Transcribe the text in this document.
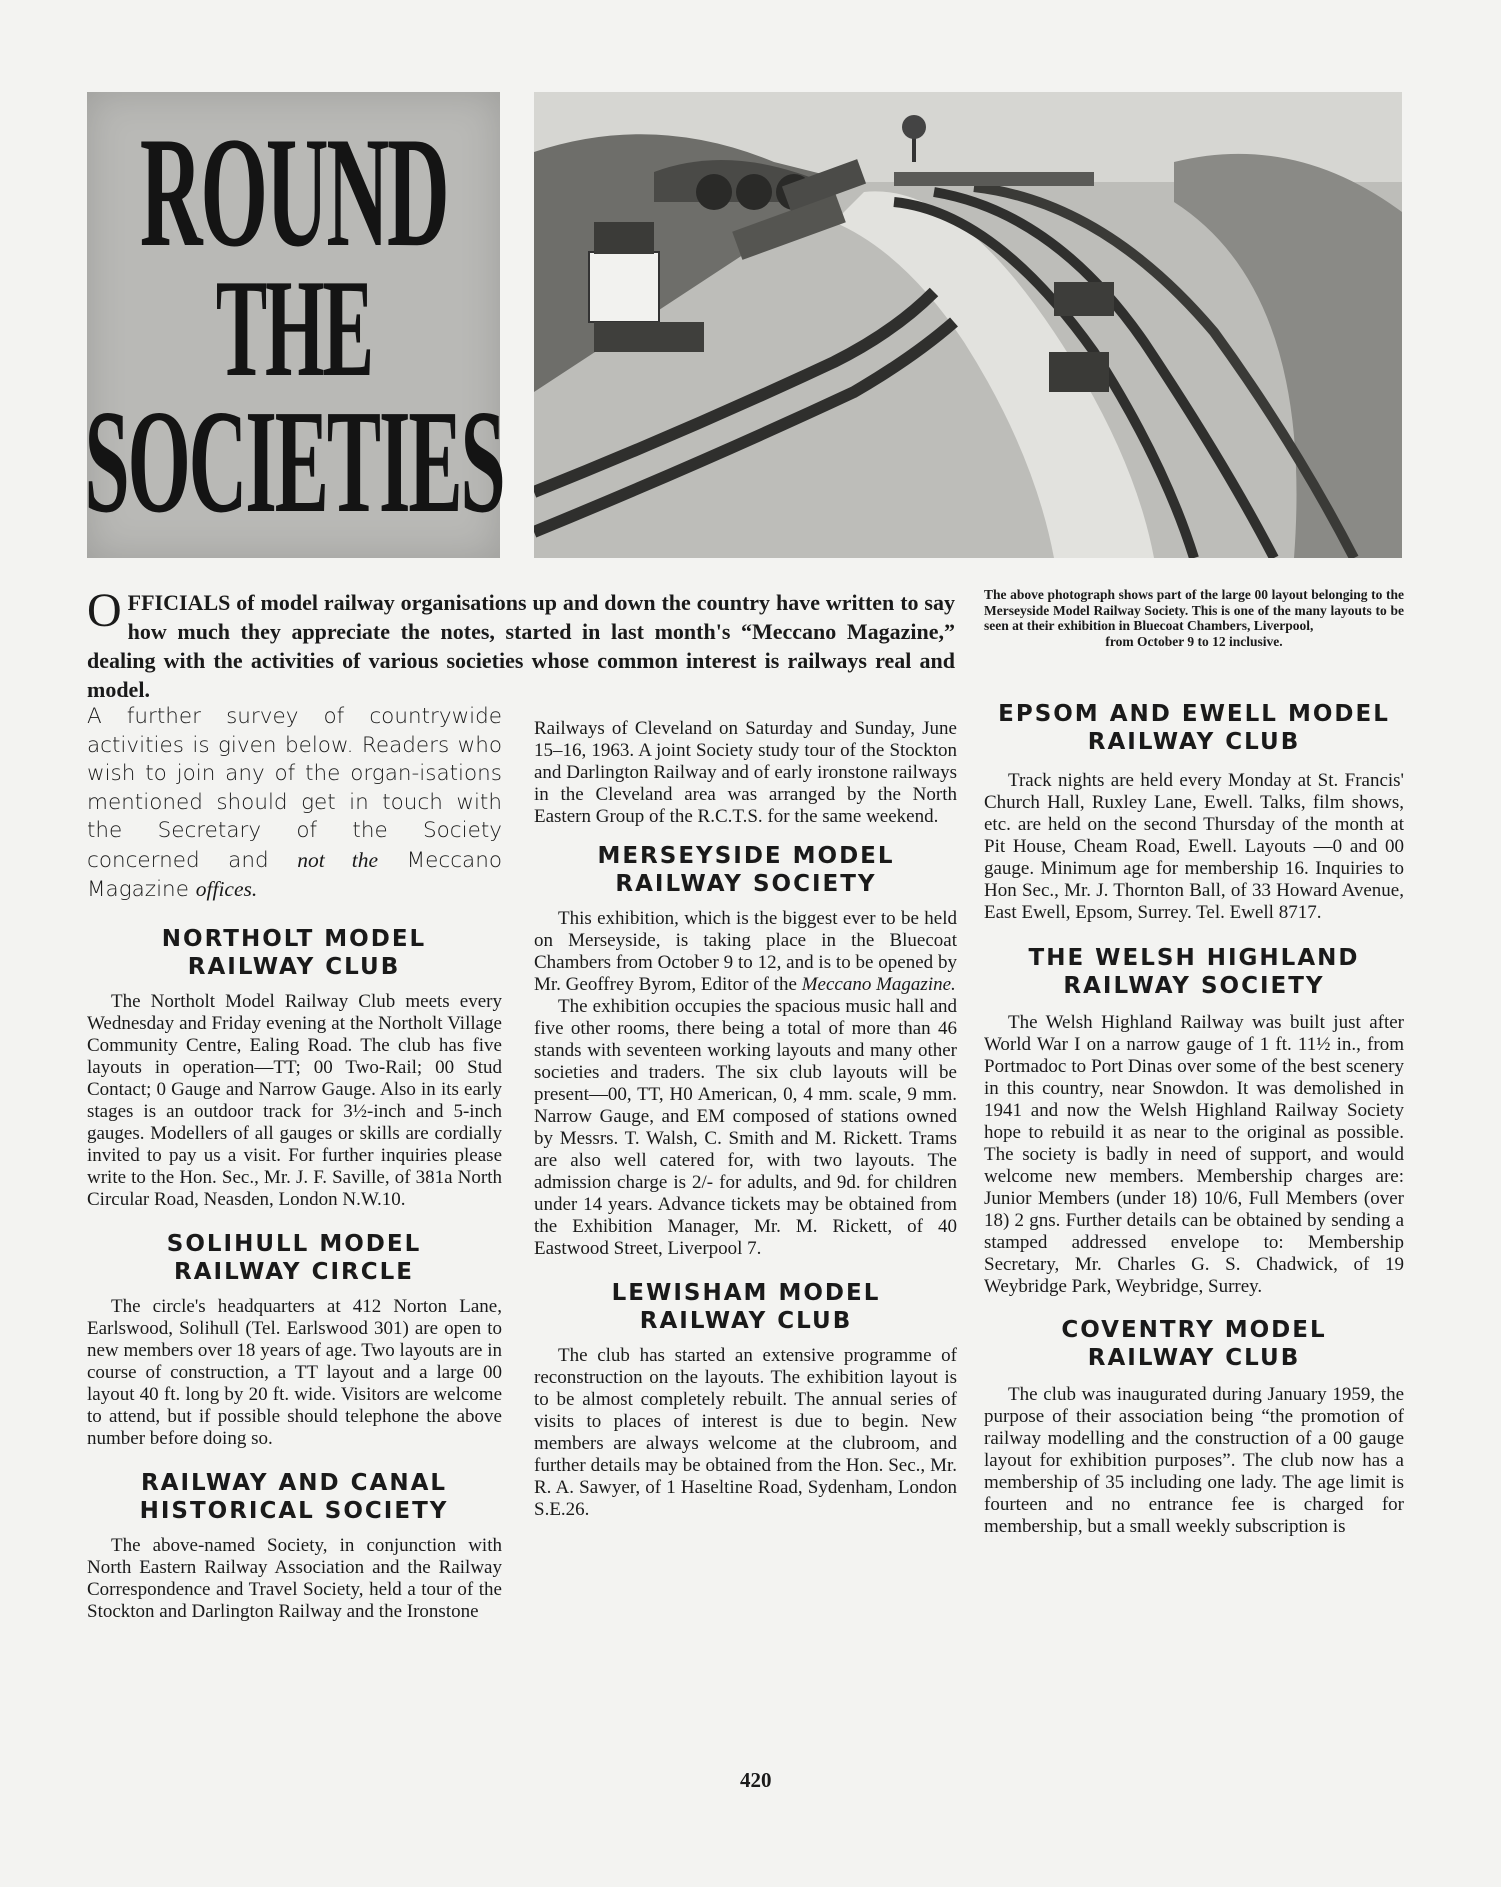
ROUND
THE
SOCIETIES
The above photograph shows part of the large 00 layout belonging to the Merseyside Model Railway Society. This is one of the many layouts to be seen at their exhibition in Bluecoat Chambers, Liverpool,
from October 9 to 12 inclusive.
OFFICIALS of model railway organisations up and down the country have written to say how much they appreciate the notes, started in last month's “Meccano Magazine,” dealing with the activities of various societies whose common interest is railways real and model.

A further survey of countrywide activities is given below. Readers who wish to join any of the organ-isations mentioned should get in touch with the Secretary of the Society concerned and not the Meccano Magazine offices.

NORTHOLT MODEL RAILWAY CLUB

The Northolt Model Railway Club meets every Wednesday and Friday evening at the Northolt Village Community Centre, Ealing Road. The club has five layouts in operation—TT; 00 Two-Rail; 00 Stud Contact; 0 Gauge and Narrow Gauge. Also in its early stages is an outdoor track for 3½-inch and 5-inch gauges. Modellers of all gauges or skills are cordially invited to pay us a visit. For further inquiries please write to the Hon. Sec., Mr. J. F. Saville, of 381a North Circular Road, Neasden, London N.W.10.

SOLIHULL MODEL RAILWAY CIRCLE

The circle's headquarters at 412 Norton Lane, Earlswood, Solihull (Tel. Earlswood 301) are open to new members over 18 years of age. Two layouts are in course of construction, a TT layout and a large 00 layout 40 ft. long by 20 ft. wide. Visitors are welcome to attend, but if possible should telephone the above number before doing so.

RAILWAY AND CANAL HISTORICAL SOCIETY

The above-named Society, in conjunction with North Eastern Railway Association and the Railway Correspondence and Travel Society, held a tour of the Stockton and Darlington Railway and the Ironstone

Railways of Cleveland on Saturday and Sunday, June 15–16, 1963. A joint Society study tour of the Stockton and Darlington Railway and of early ironstone railways in the Cleveland area was arranged by the North Eastern Group of the R.C.T.S. for the same weekend.

MERSEYSIDE MODEL RAILWAY SOCIETY

This exhibition, which is the biggest ever to be held on Merseyside, is taking place in the Bluecoat Chambers from October 9 to 12, and is to be opened by Mr. Geoffrey Byrom, Editor of the Meccano Magazine.

The exhibition occupies the spacious music hall and five other rooms, there being a total of more than 46 stands with seventeen working layouts and many other societies and traders. The six club layouts will be present—00, TT, H0 American, 0, 4 mm. scale, 9 mm. Narrow Gauge, and EM composed of stations owned by Messrs. T. Walsh, C. Smith and M. Rickett. Trams are also well catered for, with two layouts. The admission charge is 2/- for adults, and 9d. for children under 14 years. Advance tickets may be obtained from the Exhibition Manager, Mr. M. Rickett, of 40 Eastwood Street, Liverpool 7.

LEWISHAM MODEL RAILWAY CLUB

The club has started an extensive programme of reconstruction on the layouts. The exhibition layout is to be almost completely rebuilt. The annual series of visits to places of interest is due to begin. New members are always welcome at the clubroom, and further details may be obtained from the Hon. Sec., Mr. R. A. Sawyer, of 1 Haseltine Road, Sydenham, London S.E.26.

EPSOM AND EWELL MODEL RAILWAY CLUB

Track nights are held every Monday at St. Francis' Church Hall, Ruxley Lane, Ewell. Talks, film shows, etc. are held on the second Thursday of the month at Pit House, Cheam Road, Ewell. Layouts —0 and 00 gauge. Minimum age for membership 16. Inquiries to Hon Sec., Mr. J. Thornton Ball, of 33 Howard Avenue, East Ewell, Epsom, Surrey. Tel. Ewell 8717.

THE WELSH HIGHLAND RAILWAY SOCIETY

The Welsh Highland Railway was built just after World War I on a narrow gauge of 1 ft. 11½ in., from Portmadoc to Port Dinas over some of the best scenery in this country, near Snowdon. It was demolished in 1941 and now the Welsh Highland Railway Society hope to rebuild it as near to the original as possible. The society is badly in need of support, and would welcome new members. Membership charges are: Junior Members (under 18) 10/6, Full Members (over 18) 2 gns. Further details can be obtained by sending a stamped addressed envelope to: Membership Secretary, Mr. Charles G. S. Chadwick, of 19 Weybridge Park, Weybridge, Surrey.

COVENTRY MODEL RAILWAY CLUB

The club was inaugurated during January 1959, the purpose of their association being “the promotion of railway modelling and the construction of a 00 gauge layout for exhibition purposes”. The club now has a membership of 35 including one lady. The age limit is fourteen and no entrance fee is charged for membership, but a small weekly subscription is

420
